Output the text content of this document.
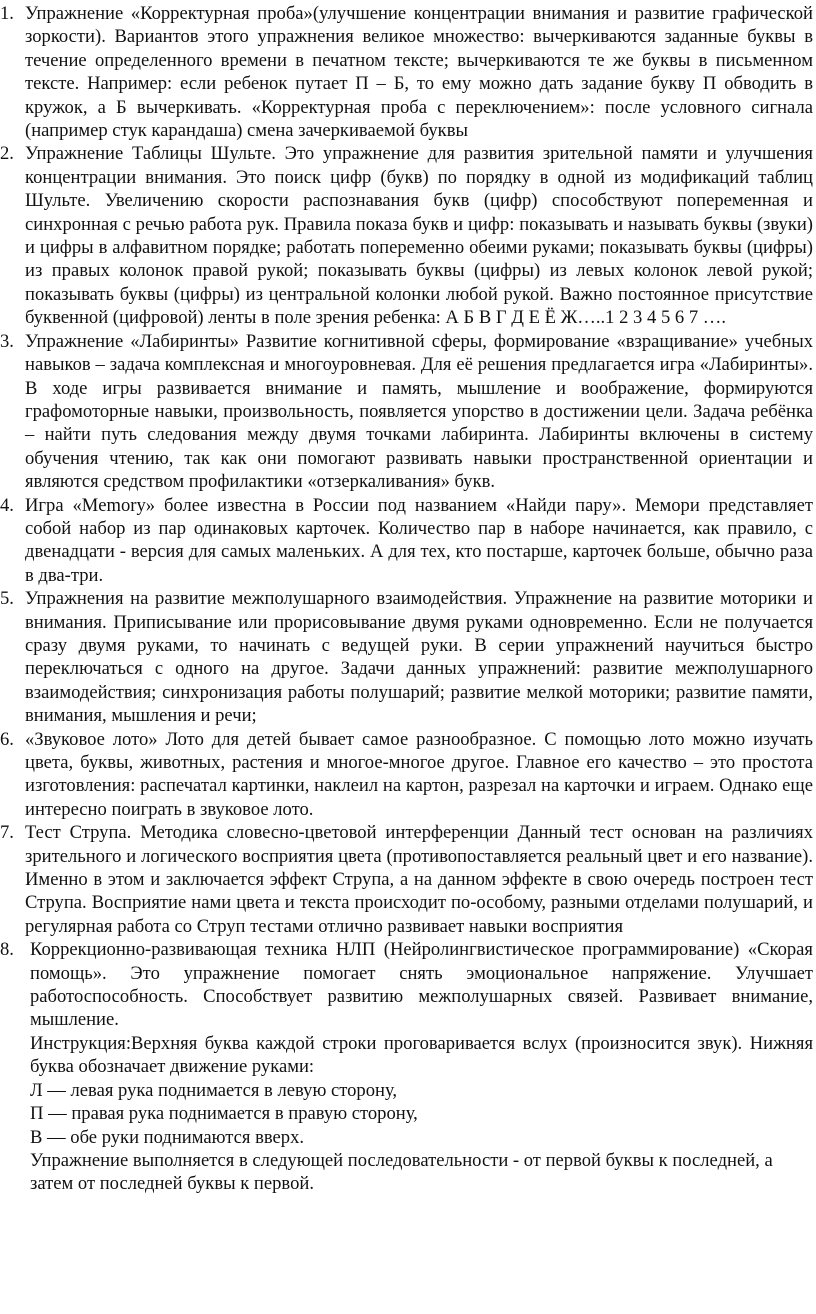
1. Упражнение «Корректурная проба»(улучшение концентрации внимания и развитие графической зоркости). Вариантов этого упражнения великое множество: вычеркиваются заданные буквы в течение определенного времени в печатном тексте; вычеркиваются те же буквы в письменном тексте. Например: если ребенок путает П – Б, то ему можно дать задание букву П обводить в кружок, а Б вычеркивать. «Корректурная проба с переключением»: после условного сигнала (например стук карандаша) смена зачеркиваемой буквы
2. Упражнение Таблицы Шульте. Это упражнение для развития зрительной памяти и улучшения концентрации внимания. Это поиск цифр (букв) по порядку в одной из модификаций таблиц Шульте. Увеличению скорости распознавания букв (цифр) способствуют попеременная и синхронная с речью работа рук. Правила показа букв и цифр: показывать и называть буквы (звуки) и цифры в алфавитном порядке; работать попеременно обеими руками; показывать буквы (цифры) из правых колонок правой рукой; показывать буквы (цифры) из левых колонок левой рукой; показывать буквы (цифры) из центральной колонки любой рукой. Важно постоянное присутствие буквенной (цифровой) ленты в поле зрения ребенка: А Б В Г Д Е Ё Ж…..1 2 3 4 5 6 7 ….
3. Упражнение «Лабиринты» Развитие когнитивной сферы, формирование «взращивание» учебных навыков – задача комплексная и многоуровневая. Для её решения предлагается игра «Лабиринты». В ходе игры развивается внимание и память, мышление и воображение, формируются графомоторные навыки, произвольность, появляется упорство в достижении цели. Задача ребёнка – найти путь следования между двумя точками лабиринта. Лабиринты включены в систему обучения чтению, так как они помогают развивать навыки пространственной ориентации и являются средством профилактики «отзеркаливания» букв.
4. Игра «Memory» более известна в России под названием «Найди пару». Мемори представляет собой набор из пар одинаковых карточек. Количество пар в наборе начинается, как правило, с двенадцати - версия для самых маленьких. А для тех, кто постарше, карточек больше, обычно раза в два-три.
5. Упражнения на развитие межполушарного взаимодействия. Упражнение на развитие моторики и внимания. Приписывание или прорисовывание двумя руками одновременно. Если не получается сразу двумя руками, то начинать с ведущей руки. В серии упражнений научиться быстро переключаться с одного на другое. Задачи данных упражнений: развитие межполушарного взаимодействия; синхронизация работы полушарий; развитие мелкой моторики; развитие памяти, внимания, мышления и речи;
6. «Звуковое лото» Лото для детей бывает самое разнообразное. С помощью лото можно изучать цвета, буквы, животных, растения и многое-многое другое. Главное его качество – это простота изготовления: распечатал картинки, наклеил на картон, разрезал на карточки и играем. Однако еще интересно поиграть в звуковое лото.
7. Тест Струпа. Методика словесно-цветовой интерференции Данный тест основан на различиях зрительного и логического восприятия цвета (противопоставляется реальный цвет и его название). Именно в этом и заключается эффект Струпа, а на данном эффекте в свою очередь построен тест Струпа. Восприятие нами цвета и текста происходит по-особому, разными отделами полушарий, и регулярная работа со Струп тестами отлично развивает навыки восприятия
8. Коррекционно-развивающая техника НЛП (Нейролингвистическое программирование) «Скорая помощь». Это упражнение помогает снять эмоциональное напряжение. Улучшает работоспособность. Способствует развитию межполушарных связей. Развивает внимание, мышление.
Инструкция:Верхняя буква каждой строки проговаривается вслух (произносится звук). Нижняя буква обозначает движение руками:
Л — левая рука поднимается в левую сторону,
П — правая рука поднимается в правую сторону,
В — обе руки поднимаются вверх.
Упражнение выполняется в следующей последовательности - от первой буквы к последней, а затем от последней буквы к первой.
